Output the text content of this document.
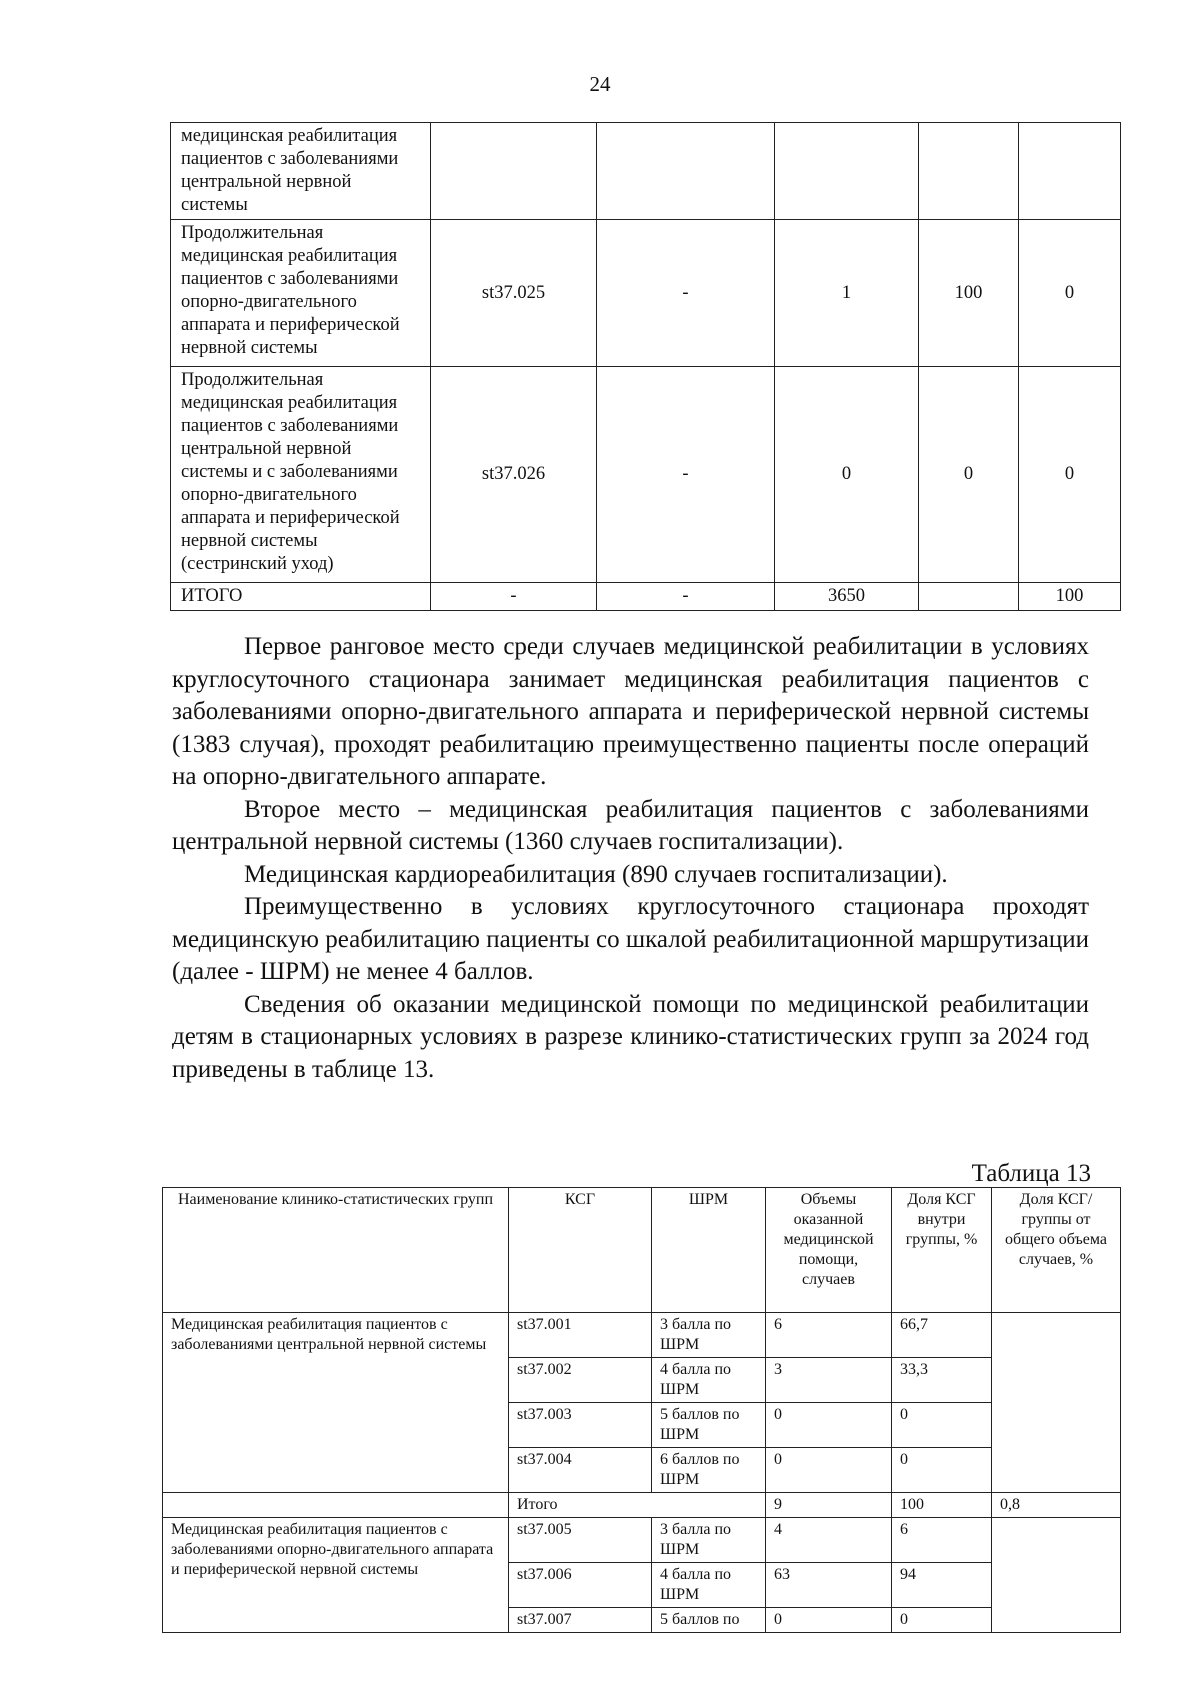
24
медицинская реабилитация пациентов с заболеваниями центральной нервной системы					
Продолжительная медицинская реабилитация пациентов с заболеваниями опорно-двигательного аппарата и периферической нервной системы	st37.025	-	1	100	0
Продолжительная медицинская реабилитация пациентов с заболеваниями центральной нервной системы и с заболеваниями опорно-двигательного аппарата и периферической нервной системы (сестринский уход)	st37.026	-	0	0	0
ИТОГО	-	-	3650		100

Первое ранговое место среди случаев медицинской реабилитации в условиях круглосуточного стационара занимает медицинская реабилитация пациентов с заболеваниями опорно-двигательного аппарата и периферической нервной системы (1383 случая), проходят реабилитацию преимущественно пациенты после операций на опорно-двигательного аппарате.

Второе место – медицинская реабилитация пациентов с заболеваниями центральной нервной системы (1360 случаев госпитализации).

Медицинская кардиореабилитация (890 случаев госпитализации).

Преимущественно в условиях круглосуточного стационара проходят медицинскую реабилитацию пациенты со шкалой реабилитационной маршрутизации (далее - ШРМ) не менее 4 баллов.

Сведения об оказании медицинской помощи по медицинской реабилитации детям в стационарных условиях в разрезе клинико-статистических групп за 2024 год приведены в таблице 13.

Таблица 13
Наименование клинико-статистических групп	КСГ	ШРМ	Объемы оказанной медицинской помощи, случаев	Доля КСГ внутри группы, %	Доля КСГ/группы от общего объема случаев, %
Медицинская реабилитация пациентов с заболеваниями центральной нервной системы	st37.001	3 балла по ШРМ	6	66,7	
	st37.002	4 балла по ШРМ	3	33,3	
	st37.003	5 баллов по ШРМ	0	0	
	st37.004	6 баллов по ШРМ	0	0	
	Итого		9	100	0,8
Медицинская реабилитация пациентов с заболеваниями опорно-двигательного аппарата и периферической нервной системы	st37.005	3 балла по ШРМ	4	6	
	st37.006	4 балла по ШРМ	63	94	
	st37.007	5 баллов по	0	0	
